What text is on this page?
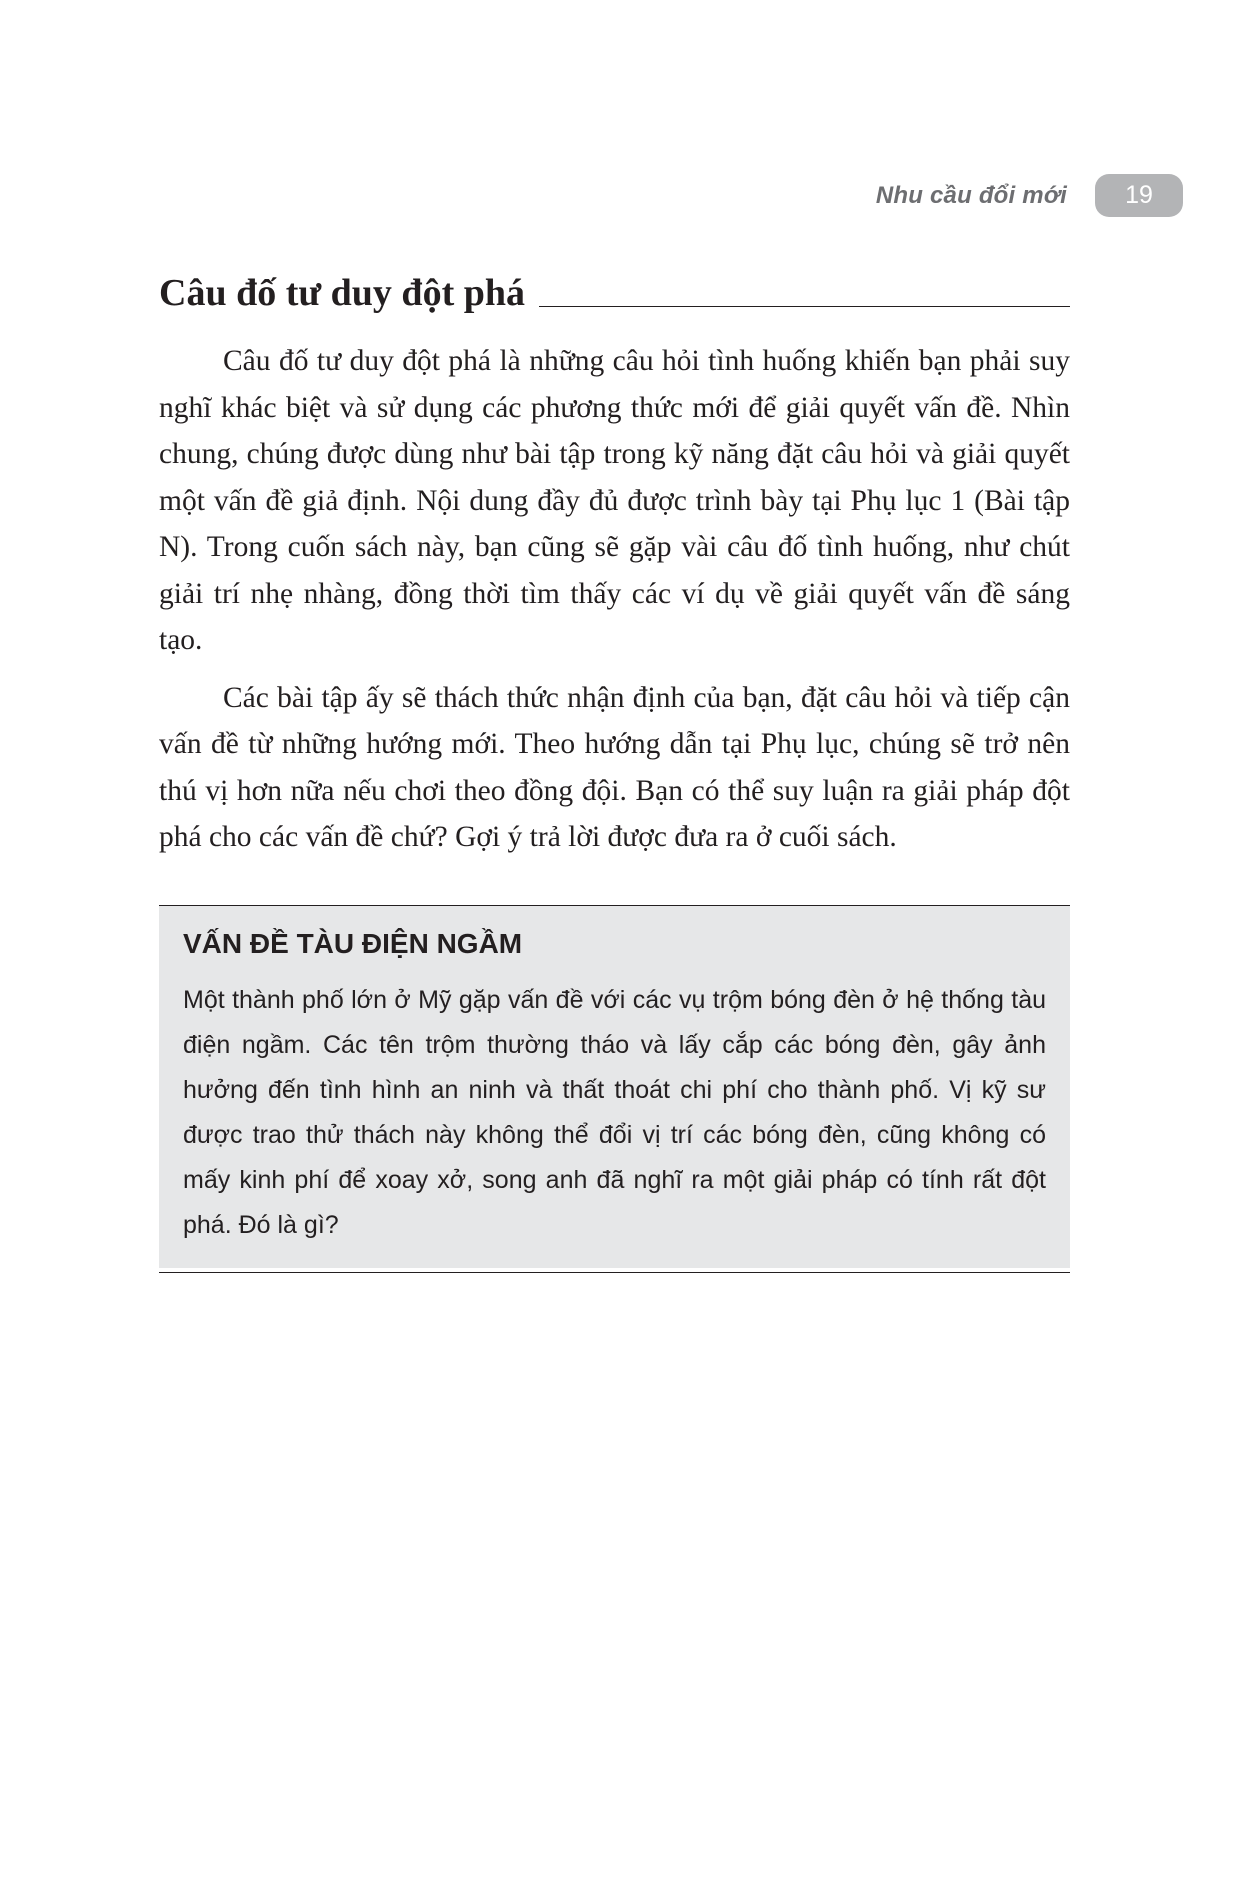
Nhu cầu đổi mới	19
Câu đố tư duy đột phá

Câu đố tư duy đột phá là những câu hỏi tình huống khiến bạn phải suy nghĩ khác biệt và sử dụng các phương thức mới để giải quyết vấn đề. Nhìn chung, chúng được dùng như bài tập trong kỹ năng đặt câu hỏi và giải quyết một vấn đề giả định. Nội dung đầy đủ được trình bày tại Phụ lục 1 (Bài tập N). Trong cuốn sách này, bạn cũng sẽ gặp vài câu đố tình huống, như chút giải trí nhẹ nhàng, đồng thời tìm thấy các ví dụ về giải quyết vấn đề sáng tạo.

Các bài tập ấy sẽ thách thức nhận định của bạn, đặt câu hỏi và tiếp cận vấn đề từ những hướng mới. Theo hướng dẫn tại Phụ lục, chúng sẽ trở nên thú vị hơn nữa nếu chơi theo đồng đội. Bạn có thể suy luận ra giải pháp đột phá cho các vấn đề chứ? Gợi ý trả lời được đưa ra ở cuối sách.

VẤN ĐỀ TÀU ĐIỆN NGẦM

Một thành phố lớn ở Mỹ gặp vấn đề với các vụ trộm bóng đèn ở hệ thống tàu điện ngầm. Các tên trộm thường tháo và lấy cắp các bóng đèn, gây ảnh hưởng đến tình hình an ninh và thất thoát chi phí cho thành phố. Vị kỹ sư được trao thử thách này không thể đổi vị trí các bóng đèn, cũng không có mấy kinh phí để xoay xở, song anh đã nghĩ ra một giải pháp có tính rất đột phá. Đó là gì?
